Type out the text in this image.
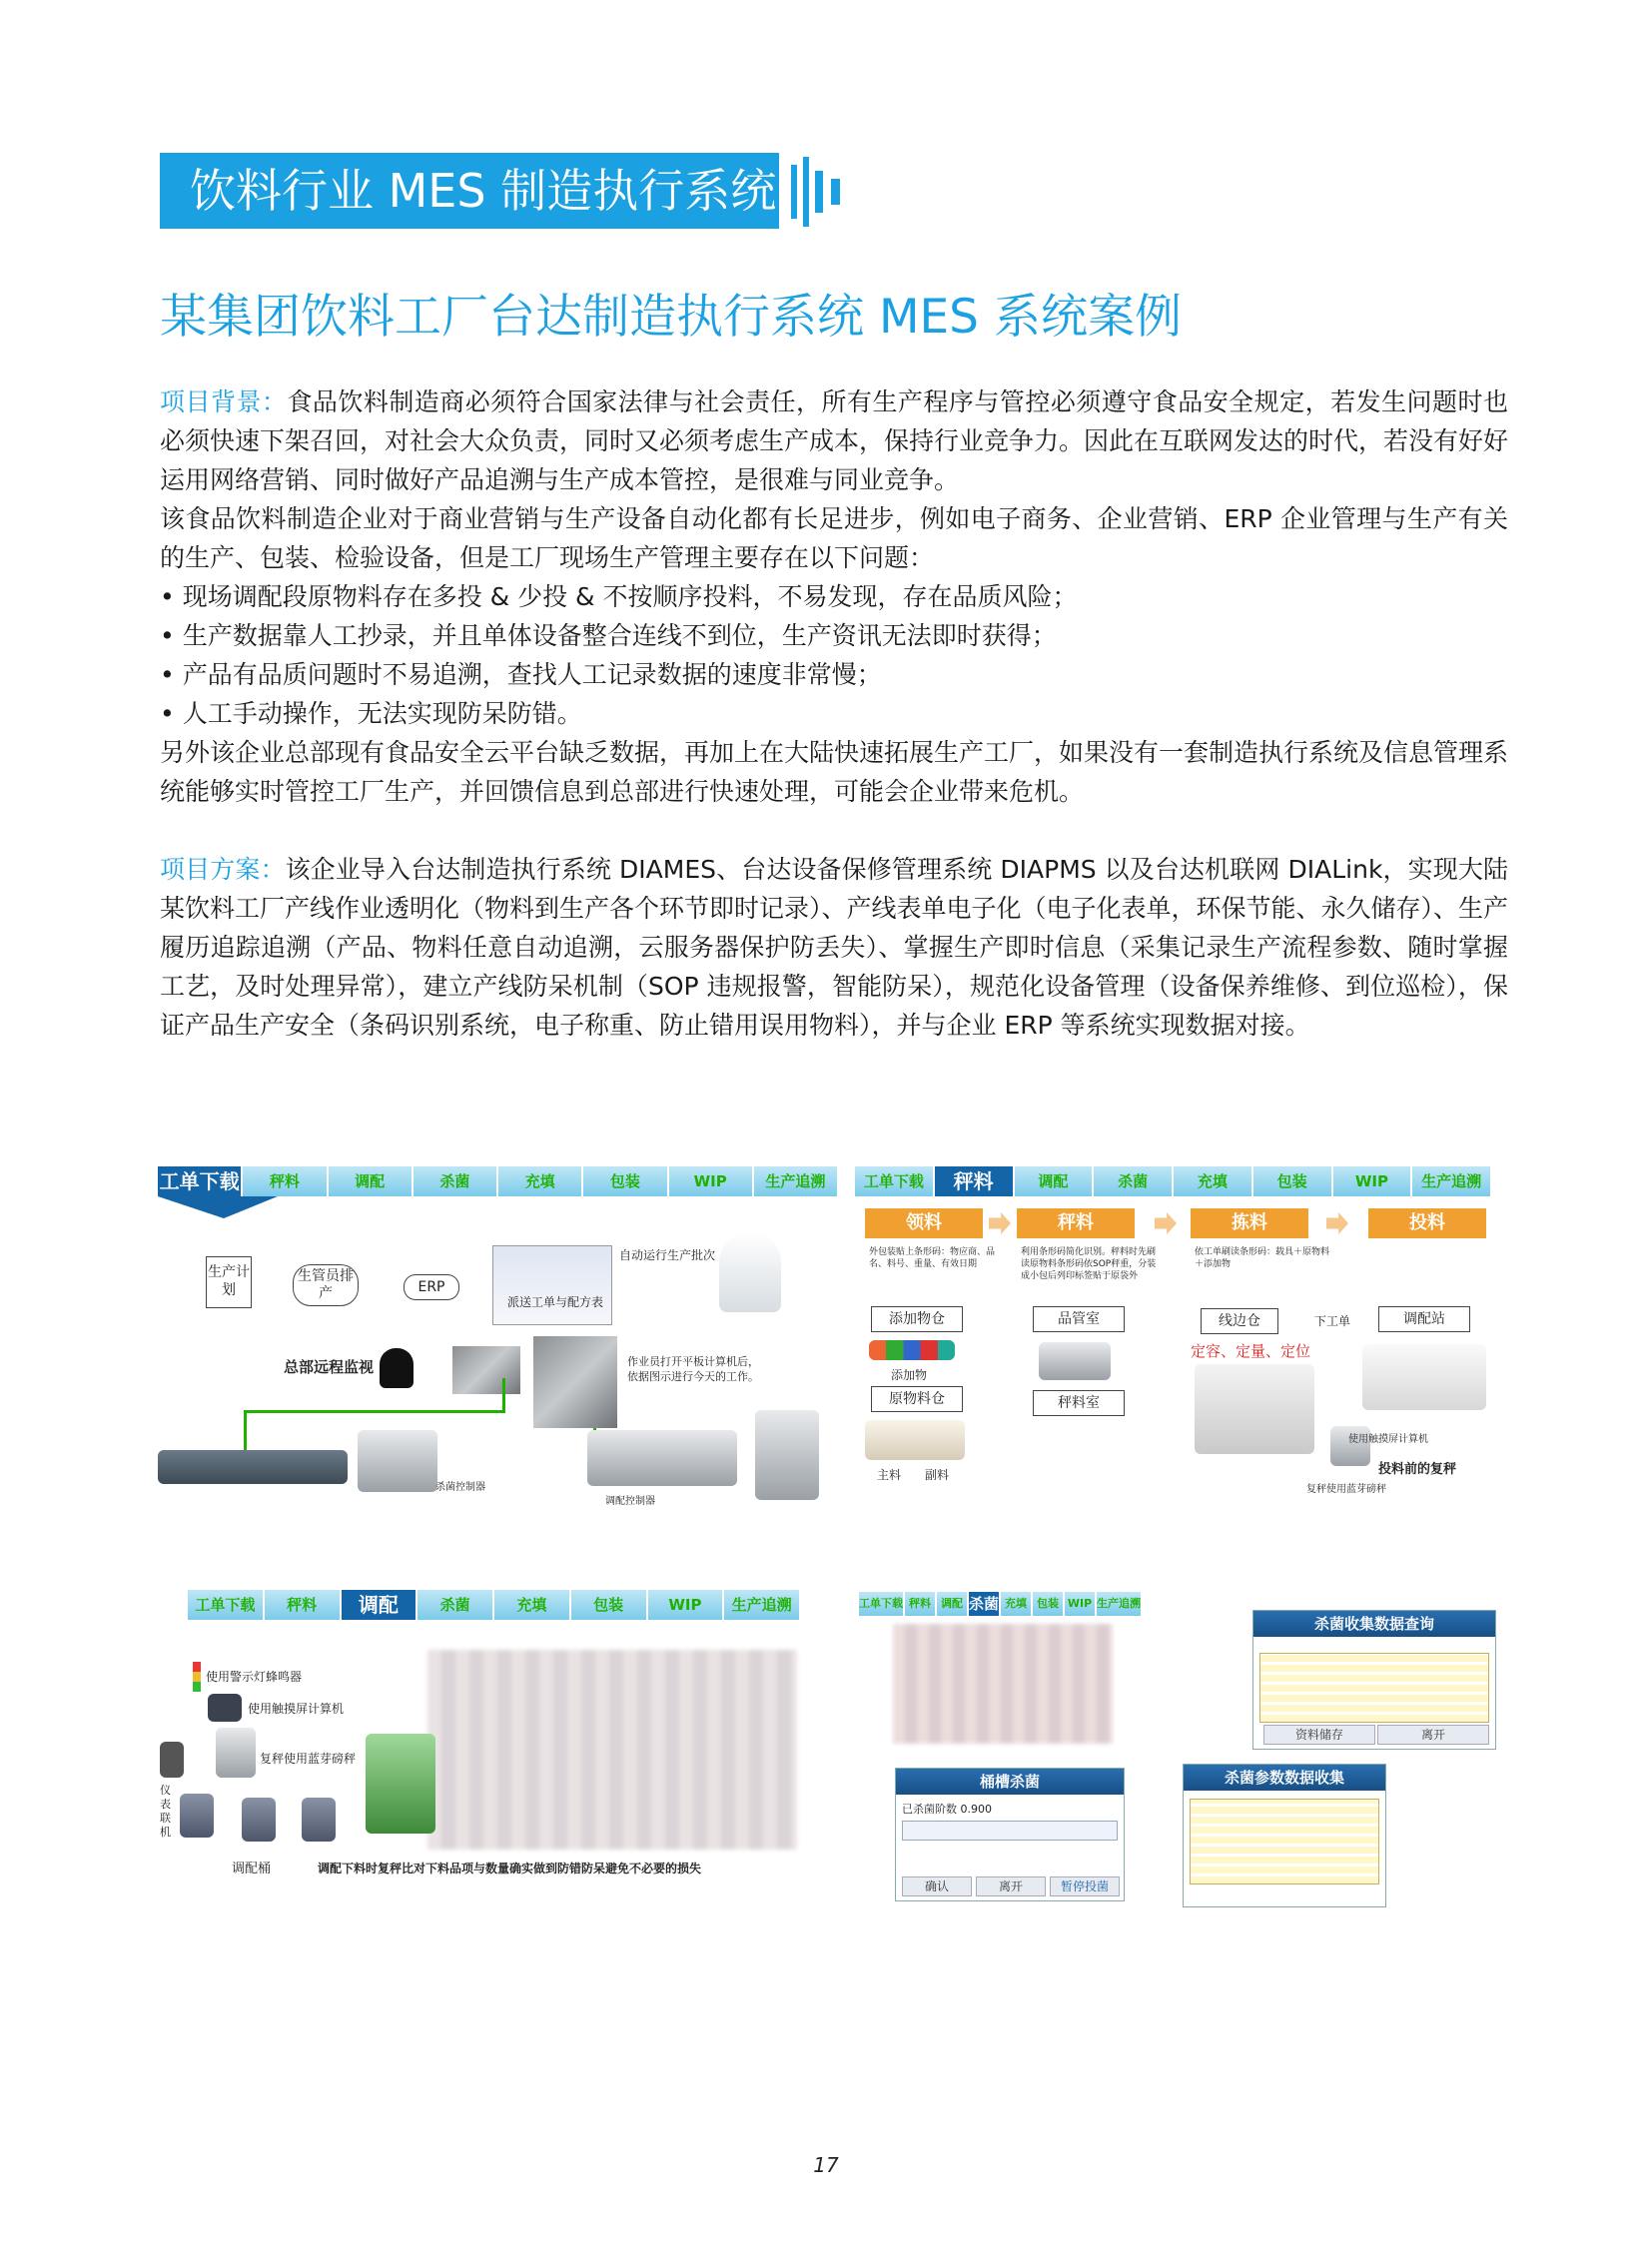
饮料行业 MES 制造执行系统
某集团饮料工厂台达制造执行系统 MES 系统案例
项目背景：食品饮料制造商必须符合国家法律与社会责任，所有生产程序与管控必须遵守食品安全规定，若发生问题时也必须快速下架召回，对社会大众负责，同时又必须考虑生产成本，保持行业竞争力。因此在互联网发达的时代，若没有好好运用网络营销、同时做好产品追溯与生产成本管控，是很难与同业竞争。
该食品饮料制造企业对于商业营销与生产设备自动化都有长足进步，例如电子商务、企业营销、ERP 企业管理与生产有关的生产、包装、检验设备，但是工厂现场生产管理主要存在以下问题：
• 现场调配段原物料存在多投 & 少投 & 不按顺序投料，不易发现，存在品质风险；
• 生产数据靠人工抄录，并且单体设备整合连线不到位，生产资讯无法即时获得；
• 产品有品质问题时不易追溯，查找人工记录数据的速度非常慢；
• 人工手动操作，无法实现防呆防错。
另外该企业总部现有食品安全云平台缺乏数据，再加上在大陆快速拓展生产工厂，如果没有一套制造执行系统及信息管理系统能够实时管控工厂生产，并回馈信息到总部进行快速处理，可能会企业带来危机。
项目方案：该企业导入台达制造执行系统 DIAMES、台达设备保修管理系统 DIAPMS 以及台达机联网 DIALink，实现大陆某饮料工厂产线作业透明化（物料到生产各个环节即时记录）、产线表单电子化（电子化表单，环保节能、永久储存）、生产履历追踪追溯（产品、物料任意自动追溯，云服务器保护防丢失）、掌握生产即时信息（采集记录生产流程参数、随时掌握工艺，及时处理异常），建立产线防呆机制（SOP 违规报警，智能防呆），规范化设备管理（设备保养维修、到位巡检），保证产品生产安全（条码识别系统，电子称重、防止错用误用物料），并与企业 ERP 等系统实现数据对接。
工单下载	秤料	调配	杀菌	充填	包装	WIP	生产追溯
生产计划
生管员排产	ERP
派送工单与配方表
自动运行生产批次
总部远程监视	作业员打开平板计算机后，依据图示进行今天的工作。
杀菌控制器
调配控制器
工单下载	秤料	调配	杀菌	充填	包装	WIP	生产追溯
领料	秤料	拣料	投料
外包装贴上条形码：物应商、品名、料号、重量、有效日期
利用条形码简化识别。秤料时先刷读原物料条形码依SOP秤重，分装成小包后列印标签贴于原袋外
依工单刷读条形码：载具＋原物料＋添加物
添加物仓	品管室	线边仓	下工单	调配站
添加物
定容、定量、定位
原物料仓	秤料室
主料 副料
使用触摸屏计算机
投料前的复秤
复秤使用蓝芽磅秤
工单下载	秤料	调配	杀菌	充填	包装	WIP	生产追溯
使用警示灯蜂鸣器
使用触摸屏计算机
复秤使用蓝芽磅秤
仪表联机
调配桶	调配下料时复秤比对下料品项与数量确实做到防错防呆避免不必要的损失
工单下载 秤料 调配 杀菌 充填 包装 WIP 生产追溯
杀菌收集数据查询
资料储存	离开
桶槽杀菌
已杀菌阶数 0.900
确认	离开	暂停投菌
杀菌参数数据收集
17
